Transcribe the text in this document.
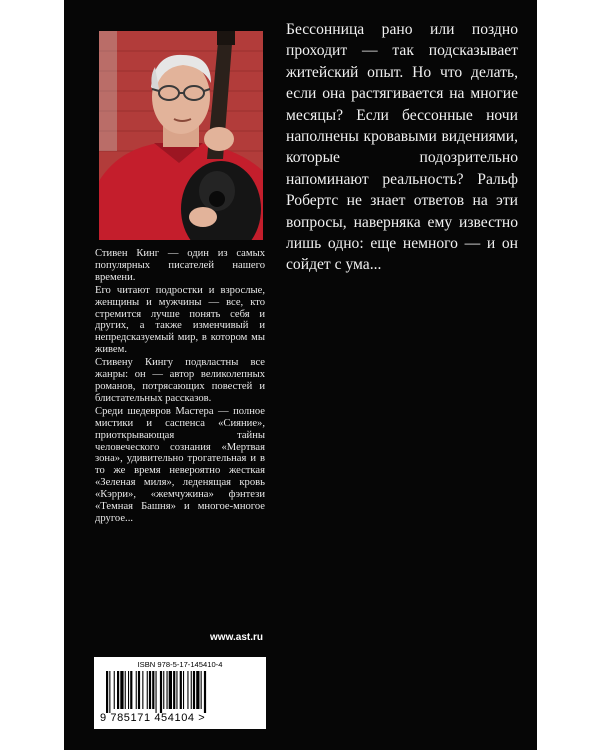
Стивен Кинг — один из самых популярных писателей нашего времени.

Его читают подростки и взрослые, женщины и мужчины — все, кто стремится лучше понять себя и других, а также изменчивый и непредсказуемый мир, в котором мы живем.

Стивену Кингу подвластны все жанры: он — автор великолепных романов, потрясающих повестей и блистательных рассказов.

Среди шедевров Мастера — полное мистики и саспенса «Сияние», приоткрывающая тайны человеческого сознания «Мертвая зона», удивительно трогательная и в то же время невероятно жесткая «Зеленая миля», леденящая кровь «Кэрри», «жемчужина» фэнтези «Темная Башня» и многое-многое другое...

Бессонница рано или поздно проходит — так подсказывает житейский опыт. Но что делать, если она растягивается на многие месяцы? Если бессонные ночи наполнены кровавыми видениями, которые подозрительно напоминают реальность? Ральф Робертс не знает ответов на эти вопросы, наверняка ему известно лишь одно: еще немного — и он сойдет с ума...
www.ast.ru
ISBN 978-5-17-145410-4
9 785171 454104 >
